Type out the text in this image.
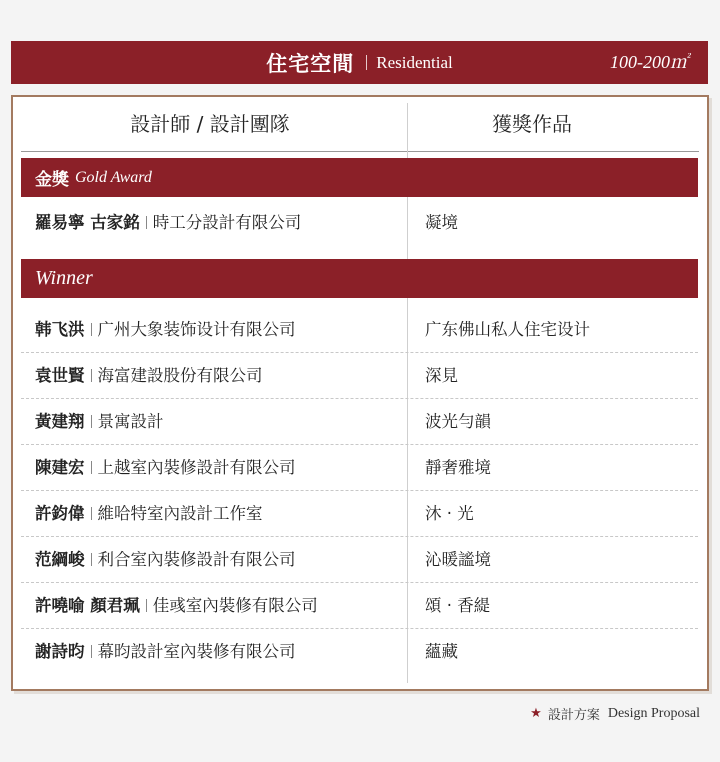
住宅空間 Residential	100-200㎡
設計師 / 設計團隊	獲獎作品
金獎 Gold Award
羅易寧 古家銘 時工分設計有限公司	凝境
Winner
韩飞洪 广州大象装饰设计有限公司	广东佛山私人住宅设计
袁世賢 海富建設股份有限公司	深見
黃建翔 景寓設計	波光勻韻
陳建宏 上越室內裝修設計有限公司	靜奢雅境
許鈞偉 維哈特室內設計工作室	沐 · 光
范綱峻 利合室內裝修設計有限公司	沁暖謐境
許嘵喻 顏君珮 佳彧室內裝修有限公司	頌 · 香緹
謝詩昀 幕昀設計室內裝修有限公司	蘊藏
★ 設計方案 Design Proposal
